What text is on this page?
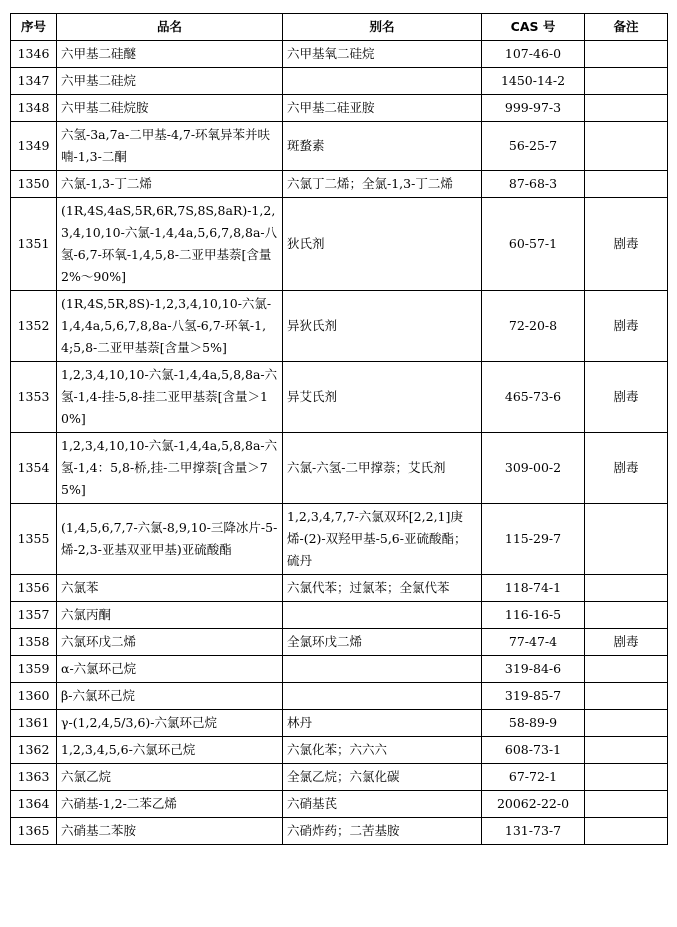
序号	品名	别名	CAS 号	备注
1346	六甲基二硅醚	六甲基氧二硅烷	107-46-0	
1347	六甲基二硅烷		1450-14-2	
1348	六甲基二硅烷胺	六甲基二硅亚胺	999-97-3	
1349	六氢-3a,7a-二甲基-4,7-环氧异苯并呋喃-1,3-二酮	斑蝥素	56-25-7	
1350	六氯-1,3-丁二烯	六氯丁二烯；全氯-1,3-丁二烯	87-68-3	
1351	(1R,4S,4aS,5R,6R,7S,8S,8aR)-1,2,3,4,10,10-六氯-1,4,4a,5,6,7,8,8a-八氢-6,7-环氧-1,4,5,8-二亚甲基萘[含量2%～90%]	狄氏剂	60-57-1	剧毒
1352	(1R,4S,5R,8S)-1,2,3,4,10,10-六氯-1,4,4a,5,6,7,8,8a-八氢-6,7-环氧-1,4;5,8-二亚甲基萘[含量＞5%]	异狄氏剂	72-20-8	剧毒
1353	1,2,3,4,10,10-六氯-1,4,4a,5,8,8a-六氢-1,4-挂-5,8-挂二亚甲基萘[含量＞10%]	异艾氏剂	465-73-6	剧毒
1354	1,2,3,4,10,10-六氯-1,4,4a,5,8,8a-六氢-1,4：5,8-桥,挂-二甲撑萘[含量＞75%]	六氯-六氢-二甲撑萘；艾氏剂	309-00-2	剧毒
1355	(1,4,5,6,7,7-六氯-8,9,10-三降冰片-5-烯-2,3-亚基双亚甲基)亚硫酸酯	1,2,3,4,7,7-六氯双环[2,2,1]庚烯-(2)-双羟甲基-5,6-亚硫酸酯；硫丹	115-29-7	
1356	六氯苯	六氯代苯；过氯苯；全氯代苯	118-74-1	
1357	六氯丙酮		116-16-5	
1358	六氯环戊二烯	全氯环戊二烯	77-47-4	剧毒
1359	α-六氯环己烷		319-84-6	
1360	β-六氯环己烷		319-85-7	
1361	γ-(1,2,4,5/3,6)-六氯环己烷	林丹	58-89-9	
1362	1,2,3,4,5,6-六氯环己烷	六氯化苯；六六六	608-73-1	
1363	六氯乙烷	全氯乙烷；六氯化碳	67-72-1	
1364	六硝基-1,2-二苯乙烯	六硝基芪	20062-22-0	
1365	六硝基二苯胺	六硝炸药；二苦基胺	131-73-7	
